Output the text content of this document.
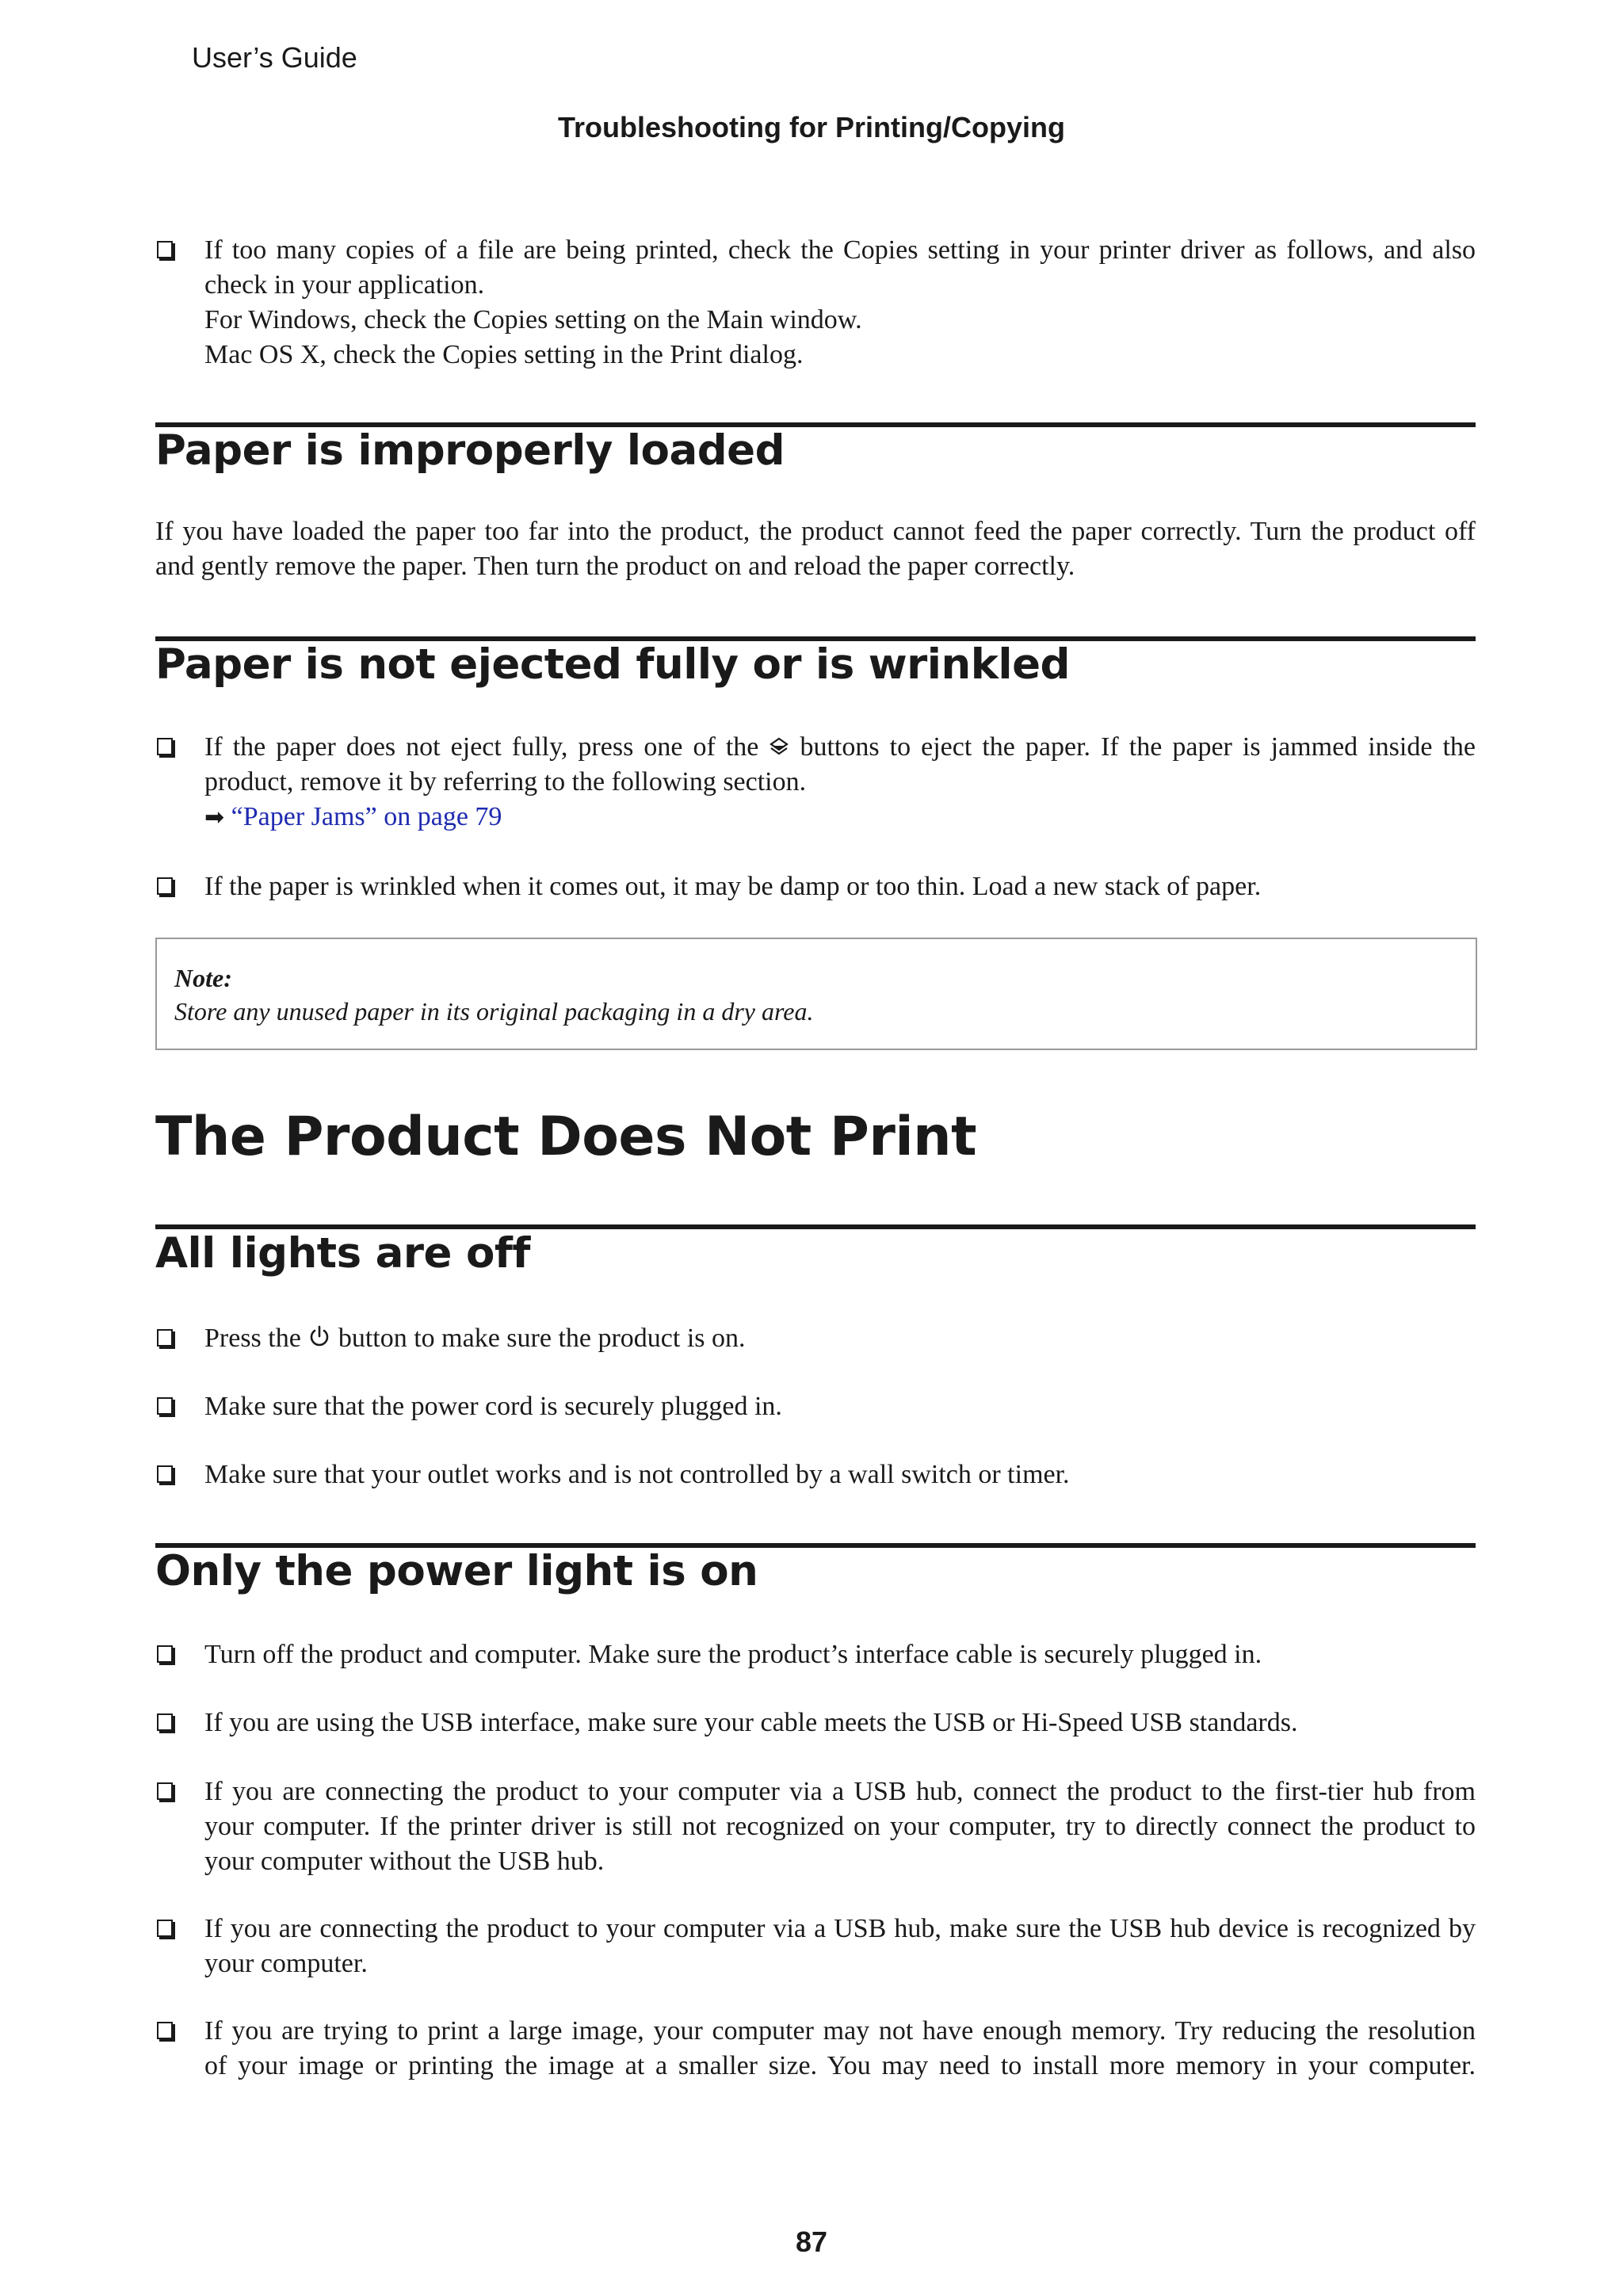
User’s Guide
Troubleshooting for Printing/Copying
If too many copies of a file are being printed, check the Copies setting in your printer driver as follows, and also
check in your application.
For Windows, check the Copies setting on the Main window.
Mac OS X, check the Copies setting in the Print dialog.
Paper is improperly loaded
If you have loaded the paper too far into the product, the product cannot feed the paper correctly. Turn the product off
and gently remove the paper. Then turn the product on and reload the paper correctly.
Paper is not ejected fully or is wrinkled
If the paper does not eject fully, press one of the buttons to eject the paper. If the paper is jammed inside the
product, remove it by referring to the following section.
➡ “Paper Jams” on page 79
If the paper is wrinkled when it comes out, it may be damp or too thin. Load a new stack of paper.
Note:
Store any unused paper in its original packaging in a dry area.
The Product Does Not Print
All lights are off
Press the button to make sure the product is on.
Make sure that the power cord is securely plugged in.
Make sure that your outlet works and is not controlled by a wall switch or timer.
Only the power light is on
Turn off the product and computer. Make sure the product’s interface cable is securely plugged in.
If you are using the USB interface, make sure your cable meets the USB or Hi-Speed USB standards.
If you are connecting the product to your computer via a USB hub, connect the product to the first-tier hub from
your computer. If the printer driver is still not recognized on your computer, try to directly connect the product to
your computer without the USB hub.
If you are connecting the product to your computer via a USB hub, make sure the USB hub device is recognized by
your computer.
If you are trying to print a large image, your computer may not have enough memory. Try reducing the resolution
of your image or printing the image at a smaller size. You may need to install more memory in your computer.
87
